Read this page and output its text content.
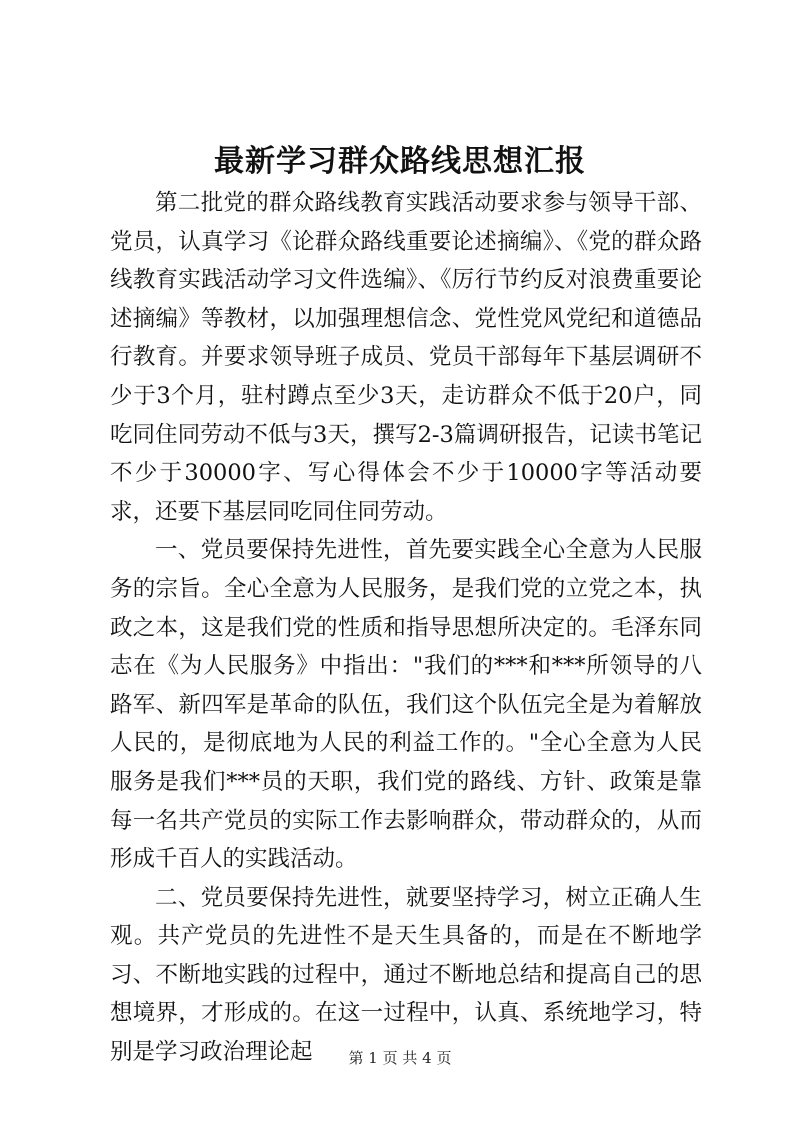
最新学习群众路线思想汇报

第二批党的群众路线教育实践活动要求参与领导干部、党员，认真学习《论群众路线重要论述摘编》、《党的群众路线教育实践活动学习文件选编》、《厉行节约反对浪费重要论述摘编》等教材，以加强理想信念、党性党风党纪和道德品行教育。并要求领导班子成员、党员干部每年下基层调研不少于3个月，驻村蹲点至少3天，走访群众不低于20户，同吃同住同劳动不低与3天，撰写2-3篇调研报告，记读书笔记不少于30000字、写心得体会不少于10000字等活动要求，还要下基层同吃同住同劳动。

一、党员要保持先进性，首先要实践全心全意为人民服务的宗旨。全心全意为人民服务，是我们党的立党之本，执政之本，这是我们党的性质和指导思想所决定的。毛泽东同志在《为人民服务》中指出："我们的***和***所领导的八路军、新四军是革命的队伍，我们这个队伍完全是为着解放人民的，是彻底地为人民的利益工作的。"全心全意为人民服务是我们***员的天职，我们党的路线、方针、政策是靠每一名共产党员的实际工作去影响群众，带动群众的，从而形成千百人的实践活动。

二、党员要保持先进性，就要坚持学习，树立正确人生观。共产党员的先进性不是天生具备的，而是在不断地学习、不断地实践的过程中，通过不断地总结和提高自己的思想境界，才形成的。在这一过程中，认真、系统地学习，特别是学习政治理论起	第 1 页 共 4 页
